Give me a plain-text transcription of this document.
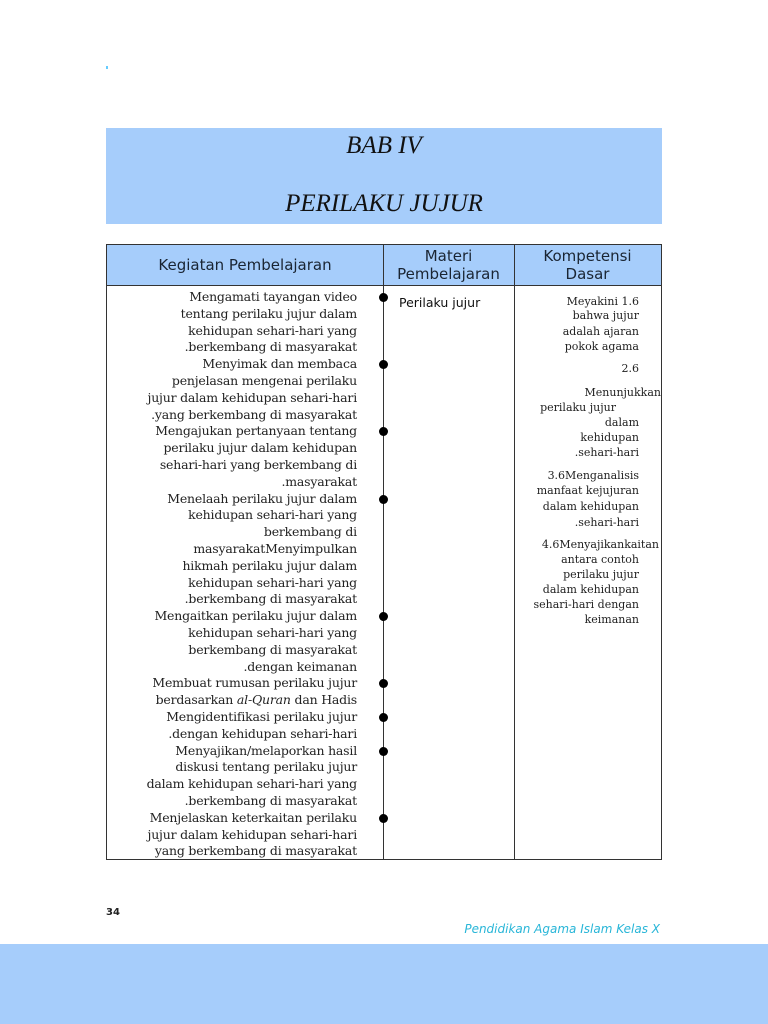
BAB IV
PERILAKU JUJUR
Kegiatan Pembelajaran	Materi
Pembelajaran
Kompetensi
Dasar
Mengamati tayangan video
tentang perilaku jujur dalam
kehidupan sehari-hari yang
.berkembang di masyarakat
Menyimak dan membaca
penjelasan mengenai perilaku
jujur dalam kehidupan sehari-hari
.yang berkembang di masyarakat
Mengajukan pertanyaan tentang
perilaku jujur dalam kehidupan
sehari-hari yang berkembang di
.masyarakat
Menelaah perilaku jujur dalam
kehidupan sehari-hari yang
berkembang di
masyarakatMenyimpulkan
hikmah perilaku jujur dalam
kehidupan sehari-hari yang
.berkembang di masyarakat
Mengaitkan perilaku jujur dalam
kehidupan sehari-hari yang
berkembang di masyarakat
.dengan keimanan
Membuat rumusan perilaku jujur
berdasarkan al-Quran dan Hadis
Mengidentifikasi perilaku jujur
.dengan kehidupan sehari-hari
Menyajikan/melaporkan hasil
diskusi tentang perilaku jujur
dalam kehidupan sehari-hari yang
.berkembang di masyarakat
Menjelaskan keterkaitan perilaku
jujur dalam kehidupan sehari-hari
yang berkembang di masyarakat
Perilaku jujur	Meyakini 1.6
bahwa jujur
adalah ajaran
pokok agama
2.6
Menunjukkan
perilaku jujur
dalam
kehidupan
.sehari-hari
3.6Menganalisis
manfaat kejujuran
dalam kehidupan
.sehari-hari
4.6Menyajikankaitan
antara contoh
perilaku jujur
dalam kehidupan
sehari-hari dengan
keimanan
34
Pendidikan Agama Islam Kelas X
